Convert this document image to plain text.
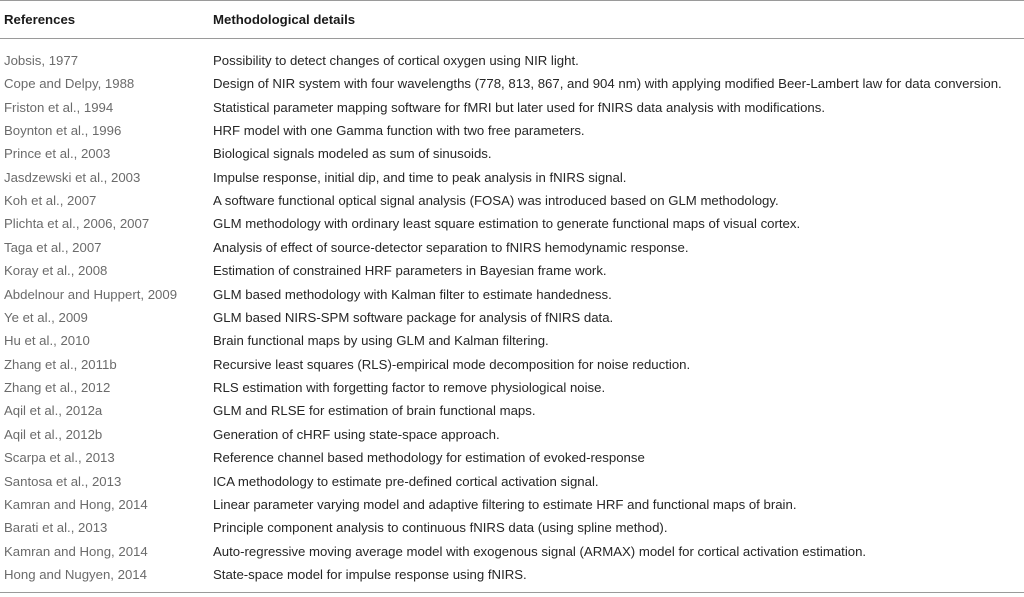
References	Methodological details
Jobsis, 1977	Possibility to detect changes of cortical oxygen using NIR light.
Cope and Delpy, 1988	Design of NIR system with four wavelengths (778, 813, 867, and 904 nm) with applying modified Beer-Lambert law for data conversion.
Friston et al., 1994	Statistical parameter mapping software for fMRI but later used for fNIRS data analysis with modifications.
Boynton et al., 1996	HRF model with one Gamma function with two free parameters.
Prince et al., 2003	Biological signals modeled as sum of sinusoids.
Jasdzewski et al., 2003	Impulse response, initial dip, and time to peak analysis in fNIRS signal.
Koh et al., 2007	A software functional optical signal analysis (FOSA) was introduced based on GLM methodology.
Plichta et al., 2006, 2007	GLM methodology with ordinary least square estimation to generate functional maps of visual cortex.
Taga et al., 2007	Analysis of effect of source-detector separation to fNIRS hemodynamic response.
Koray et al., 2008	Estimation of constrained HRF parameters in Bayesian frame work.
Abdelnour and Huppert, 2009	GLM based methodology with Kalman filter to estimate handedness.
Ye et al., 2009	GLM based NIRS-SPM software package for analysis of fNIRS data.
Hu et al., 2010	Brain functional maps by using GLM and Kalman filtering.
Zhang et al., 2011b	Recursive least squares (RLS)-empirical mode decomposition for noise reduction.
Zhang et al., 2012	RLS estimation with forgetting factor to remove physiological noise.
Aqil et al., 2012a	GLM and RLSE for estimation of brain functional maps.
Aqil et al., 2012b	Generation of cHRF using state-space approach.
Scarpa et al., 2013	Reference channel based methodology for estimation of evoked-response
Santosa et al., 2013	ICA methodology to estimate pre-defined cortical activation signal.
Kamran and Hong, 2014	Linear parameter varying model and adaptive filtering to estimate HRF and functional maps of brain.
Barati et al., 2013	Principle component analysis to continuous fNIRS data (using spline method).
Kamran and Hong, 2014	Auto-regressive moving average model with exogenous signal (ARMAX) model for cortical activation estimation.
Hong and Nugyen, 2014	State-space model for impulse response using fNIRS.
